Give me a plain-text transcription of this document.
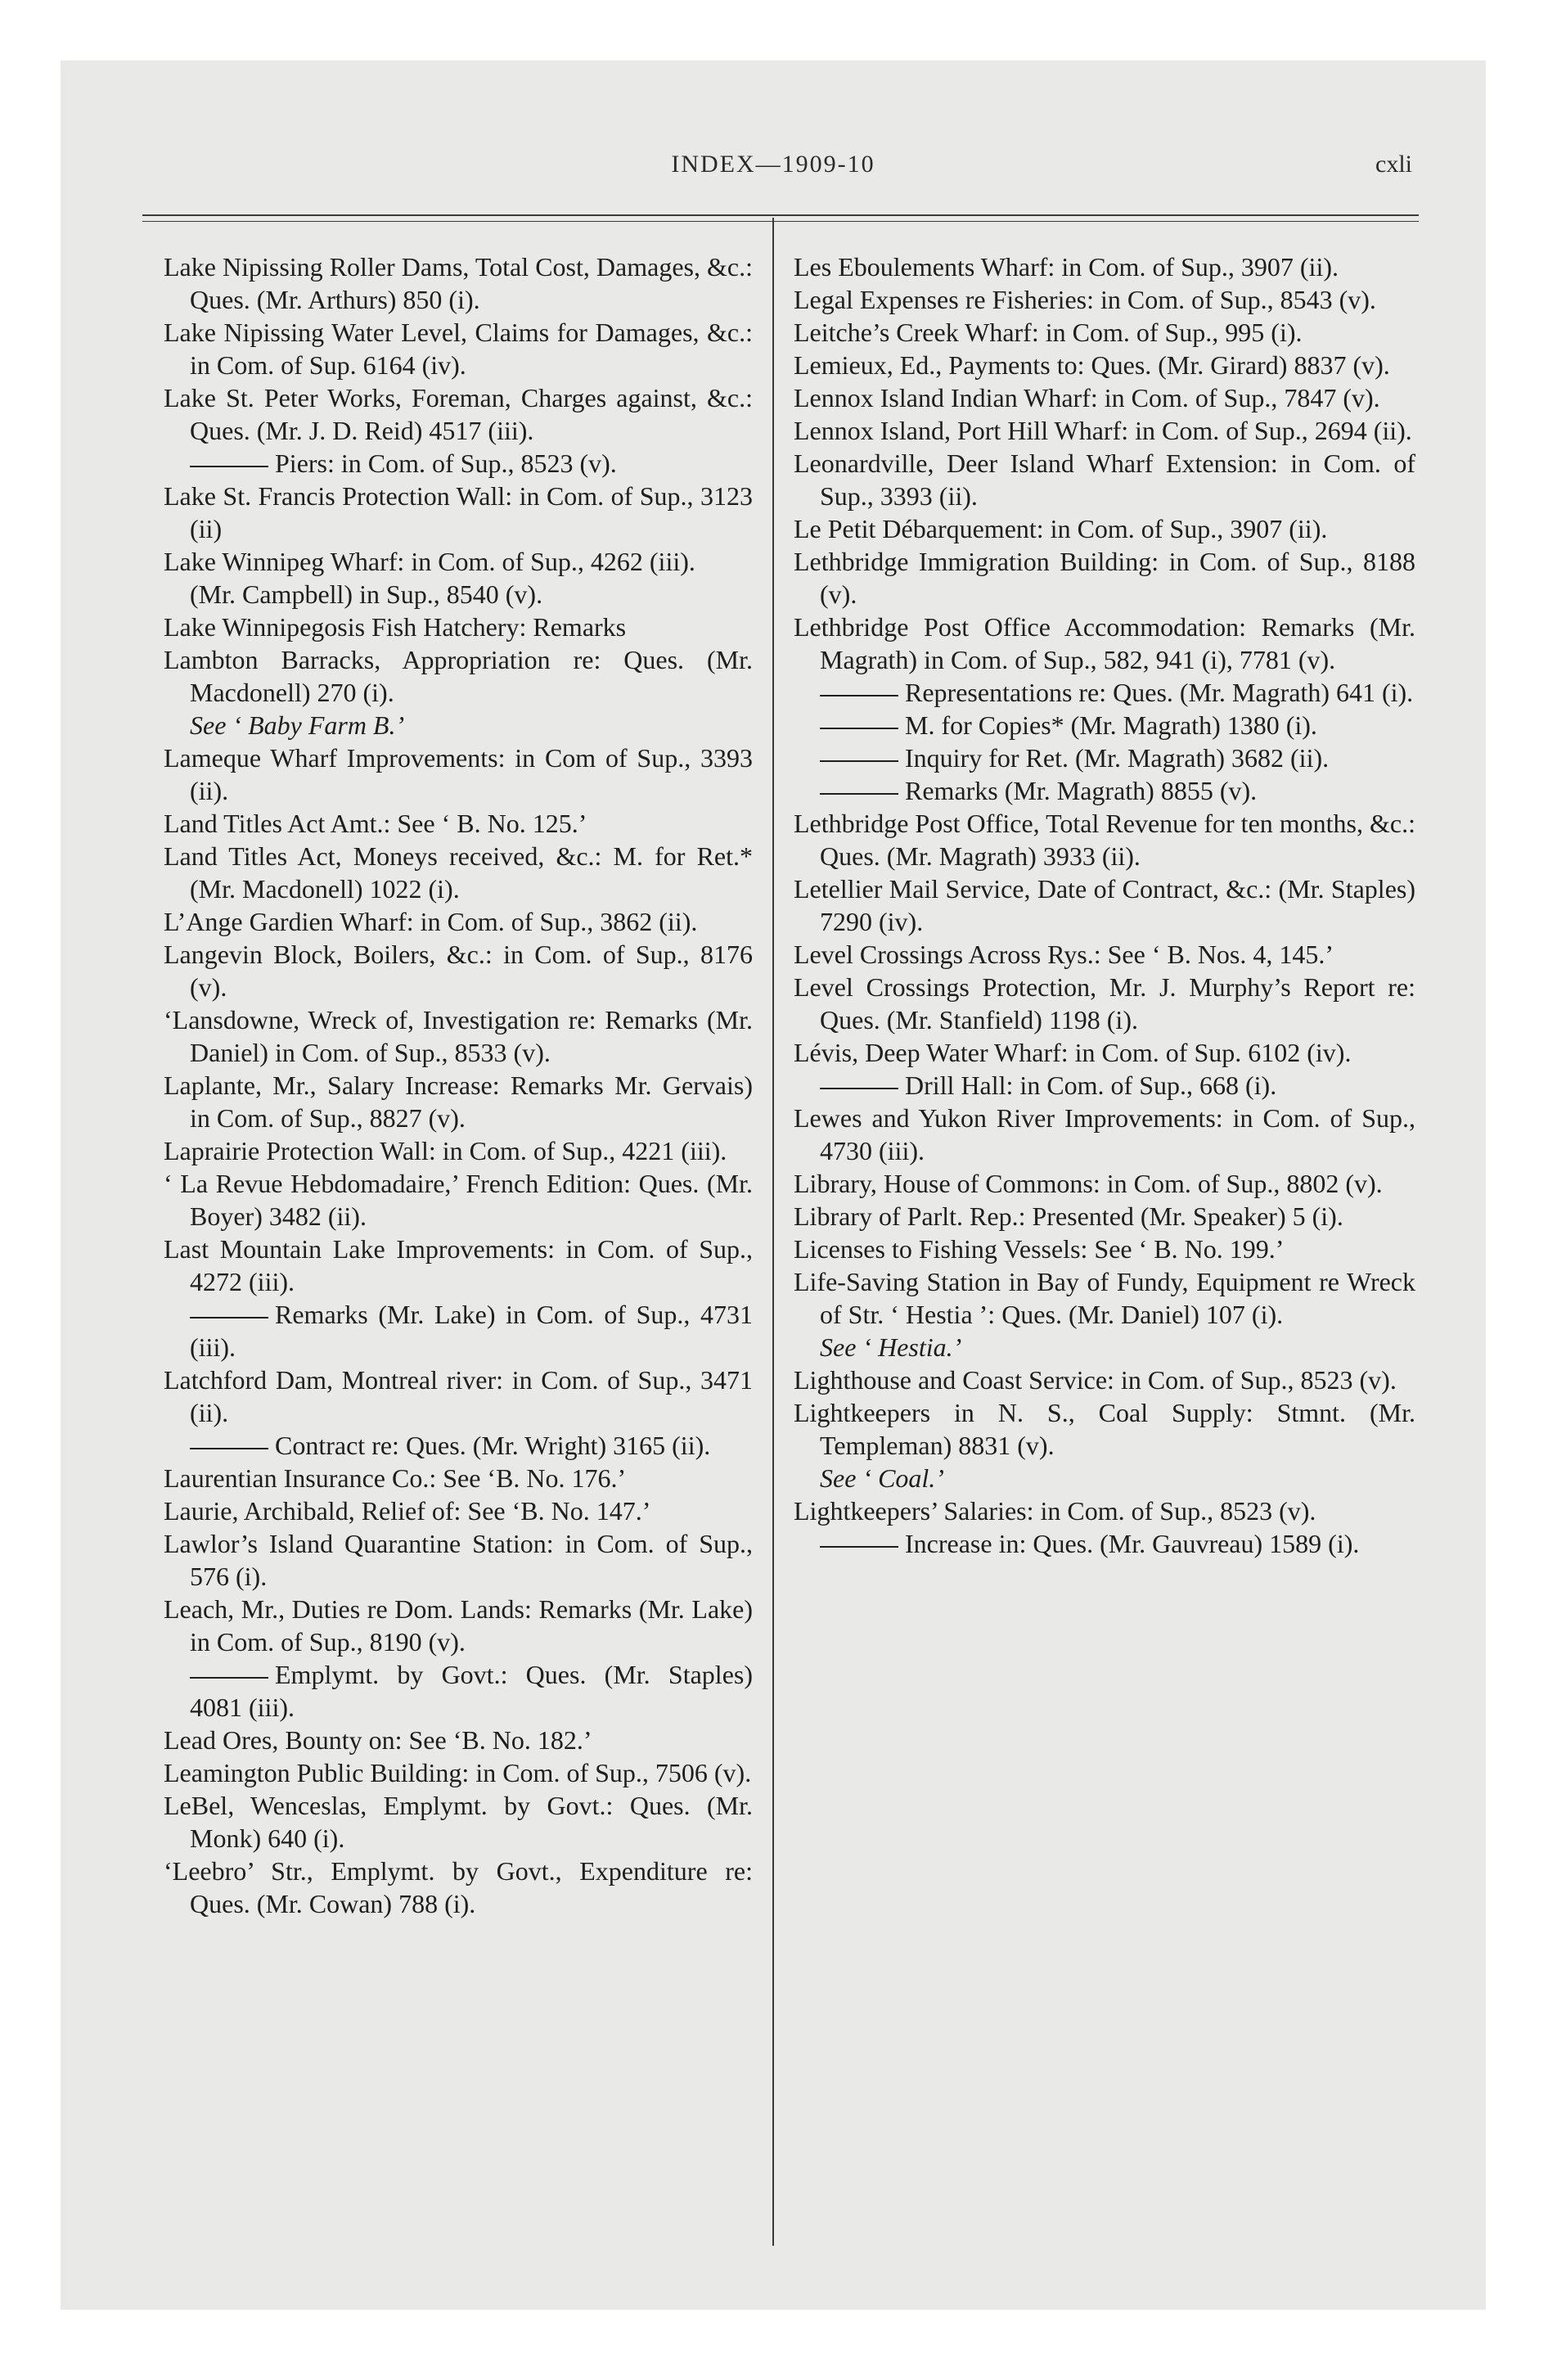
INDEX—1909-10	cxli

Lake Nipissing Roller Dams, Total Cost, Damages, &c.: Ques. (Mr. Arthurs) 850 (i).

Lake Nipissing Water Level, Claims for Damages, &c.: in Com. of Sup. 6164 (iv).

Lake St. Peter Works, Foreman, Charges against, &c.: Ques. (Mr. J. D. Reid) 4517 (iii).

Piers: in Com. of Sup., 8523 (v).

Lake St. Francis Protection Wall: in Com. of Sup., 3123 (ii)

Lake Winnipeg Wharf: in Com. of Sup., 4262 (iii).

(Mr. Campbell) in Sup., 8540 (v).

Lake Winnipegosis Fish Hatchery: Remarks

Lambton Barracks, Appropriation re: Ques. (Mr. Macdonell) 270 (i).

See ‘ Baby Farm B.’

Lameque Wharf Improvements: in Com of Sup., 3393 (ii).

Land Titles Act Amt.: See ‘ B. No. 125.’

Land Titles Act, Moneys received, &c.: M. for Ret.* (Mr. Macdonell) 1022 (i).

L’Ange Gardien Wharf: in Com. of Sup., 3862 (ii).

Langevin Block, Boilers, &c.: in Com. of Sup., 8176 (v).

‘Lansdowne, Wreck of, Investigation re: Remarks (Mr. Daniel) in Com. of Sup., 8533 (v).

Laplante, Mr., Salary Increase: Remarks Mr. Gervais) in Com. of Sup., 8827 (v).

Laprairie Protection Wall: in Com. of Sup., 4221 (iii).

‘ La Revue Hebdomadaire,’ French Edition: Ques. (Mr. Boyer) 3482 (ii).

Last Mountain Lake Improvements: in Com. of Sup., 4272 (iii).

Remarks (Mr. Lake) in Com. of Sup., 4731 (iii).

Latchford Dam, Montreal river: in Com. of Sup., 3471 (ii).

Contract re: Ques. (Mr. Wright) 3165 (ii).

Laurentian Insurance Co.: See ‘B. No. 176.’

Laurie, Archibald, Relief of: See ‘B. No. 147.’

Lawlor’s Island Quarantine Station: in Com. of Sup., 576 (i).

Leach, Mr., Duties re Dom. Lands: Remarks (Mr. Lake) in Com. of Sup., 8190 (v).

Emplymt. by Govt.: Ques. (Mr. Staples) 4081 (iii).

Lead Ores, Bounty on: See ‘B. No. 182.’

Leamington Public Building: in Com. of Sup., 7506 (v).

LeBel, Wenceslas, Emplymt. by Govt.: Ques. (Mr. Monk) 640 (i).

‘Leebro’ Str., Emplymt. by Govt., Expenditure re: Ques. (Mr. Cowan) 788 (i).

Les Eboulements Wharf: in Com. of Sup., 3907 (ii).

Legal Expenses re Fisheries: in Com. of Sup., 8543 (v).

Leitche’s Creek Wharf: in Com. of Sup., 995 (i).

Lemieux, Ed., Payments to: Ques. (Mr. Girard) 8837 (v).

Lennox Island Indian Wharf: in Com. of Sup., 7847 (v).

Lennox Island, Port Hill Wharf: in Com. of Sup., 2694 (ii).

Leonardville, Deer Island Wharf Extension: in Com. of Sup., 3393 (ii).

Le Petit Débarquement: in Com. of Sup., 3907 (ii).

Lethbridge Immigration Building: in Com. of Sup., 8188 (v).

Lethbridge Post Office Accommodation: Remarks (Mr. Magrath) in Com. of Sup., 582, 941 (i), 7781 (v).

Representations re: Ques. (Mr. Magrath) 641 (i).

M. for Copies* (Mr. Magrath) 1380 (i).

Inquiry for Ret. (Mr. Magrath) 3682 (ii).

Remarks (Mr. Magrath) 8855 (v).

Lethbridge Post Office, Total Revenue for ten months, &c.: Ques. (Mr. Magrath) 3933 (ii).

Letellier Mail Service, Date of Contract, &c.: (Mr. Staples) 7290 (iv).

Level Crossings Across Rys.: See ‘ B. Nos. 4, 145.’

Level Crossings Protection, Mr. J. Murphy’s Report re: Ques. (Mr. Stanfield) 1198 (i).

Lévis, Deep Water Wharf: in Com. of Sup. 6102 (iv).

Drill Hall: in Com. of Sup., 668 (i).

Lewes and Yukon River Improvements: in Com. of Sup., 4730 (iii).

Library, House of Commons: in Com. of Sup., 8802 (v).

Library of Parlt. Rep.: Presented (Mr. Speaker) 5 (i).

Licenses to Fishing Vessels: See ‘ B. No. 199.’

Life-Saving Station in Bay of Fundy, Equipment re Wreck of Str. ‘ Hestia ’: Ques. (Mr. Daniel) 107 (i).

See ‘ Hestia.’

Lighthouse and Coast Service: in Com. of Sup., 8523 (v).

Lightkeepers in N. S., Coal Supply: Stmnt. (Mr. Templeman) 8831 (v).

See ‘ Coal.’

Lightkeepers’ Salaries: in Com. of Sup., 8523 (v).

Increase in: Ques. (Mr. Gauvreau) 1589 (i).
